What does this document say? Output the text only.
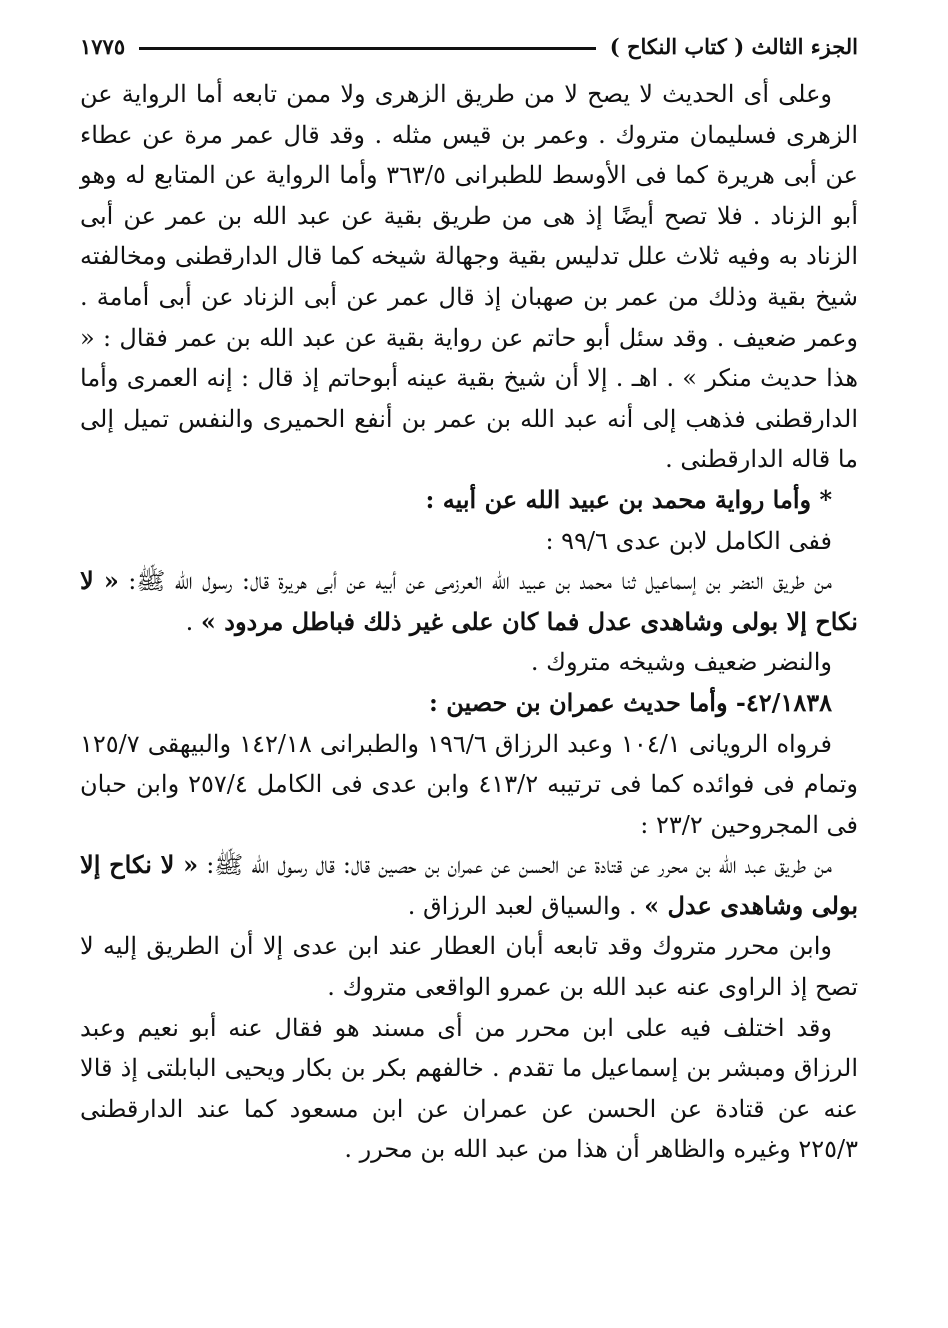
الجزء الثالث ( كتاب النكاح )
١٧٧٥

وعلى أى الحديث لا يصح لا من طريق الزهرى ولا ممن تابعه أما الرواية عن الزهرى فسليمان متروك . وعمر بن قيس مثله . وقد قال عمر مرة عن عطاء عن أبى هريرة كما فى الأوسط للطبرانى ٣٦٣/٥ وأما الرواية عن المتابع له وهو أبو الزناد . فلا تصح أيضًا إذ هى من طريق بقية عن عبد الله بن عمر عن أبى الزناد به وفيه ثلاث علل تدليس بقية وجهالة شيخه كما قال الدارقطنى ومخالفته شيخ بقية وذلك من عمر بن صهبان إذ قال عمر عن أبى الزناد عن أبى أمامة . وعمر ضعيف . وقد سئل أبو حاتم عن رواية بقية عن عبد الله بن عمر فقال : « هذا حديث منكر » . اهـ . إلا أن شيخ بقية عينه أبوحاتم إذ قال : إنه العمرى وأما الدارقطنى فذهب إلى أنه عبد الله بن عمر بن أنفع الحميرى والنفس تميل إلى ما قاله الدارقطنى .

* وأما رواية محمد بن عبيد الله عن أبيه :

ففى الكامل لابن عدى ٩٩/٦ :

من طريق النضر بن إسماعيل ثنا محمد بن عبيد الله العرزمى عن أبيه عن أبى هريرة قال: رسول الله ﷺ: « لا نكاح إلا بولى وشاهدى عدل فما كان على غير ذلك فباطل مردود » .

والنضر ضعيف وشيخه متروك .

٤٢/١٨٣٨- وأما حديث عمران بن حصين :

فرواه الرويانى ١٠٤/١ وعبد الرزاق ١٩٦/٦ والطبرانى ١٤٢/١٨ والبيهقى ١٢٥/٧ وتمام فى فوائده كما فى ترتيبه ٤١٣/٢ وابن عدى فى الكامل ٢٥٧/٤ وابن حبان فى المجروحين ٢٣/٢ :

من طريق عبد الله بن محرر عن قتادة عن الحسن عن عمران بن حصين قال: قال رسول الله ﷺ: « لا نكاح إلا بولى وشاهدى عدل » . والسياق لعبد الرزاق .

وابن محرر متروك وقد تابعه أبان العطار عند ابن عدى إلا أن الطريق إليه لا تصح إذ الراوى عنه عبد الله بن عمرو الواقعى متروك .

وقد اختلف فيه على ابن محرر من أى مسند هو فقال عنه أبو نعيم وعبد الرزاق ومبشر بن إسماعيل ما تقدم . خالفهم بكر بن بكار ويحيى البابلتى إذ قالا عنه عن قتادة عن الحسن عن عمران عن ابن مسعود كما عند الدارقطنى ٢٢٥/٣ وغيره والظاهر أن هذا من عبد الله بن محرر .
